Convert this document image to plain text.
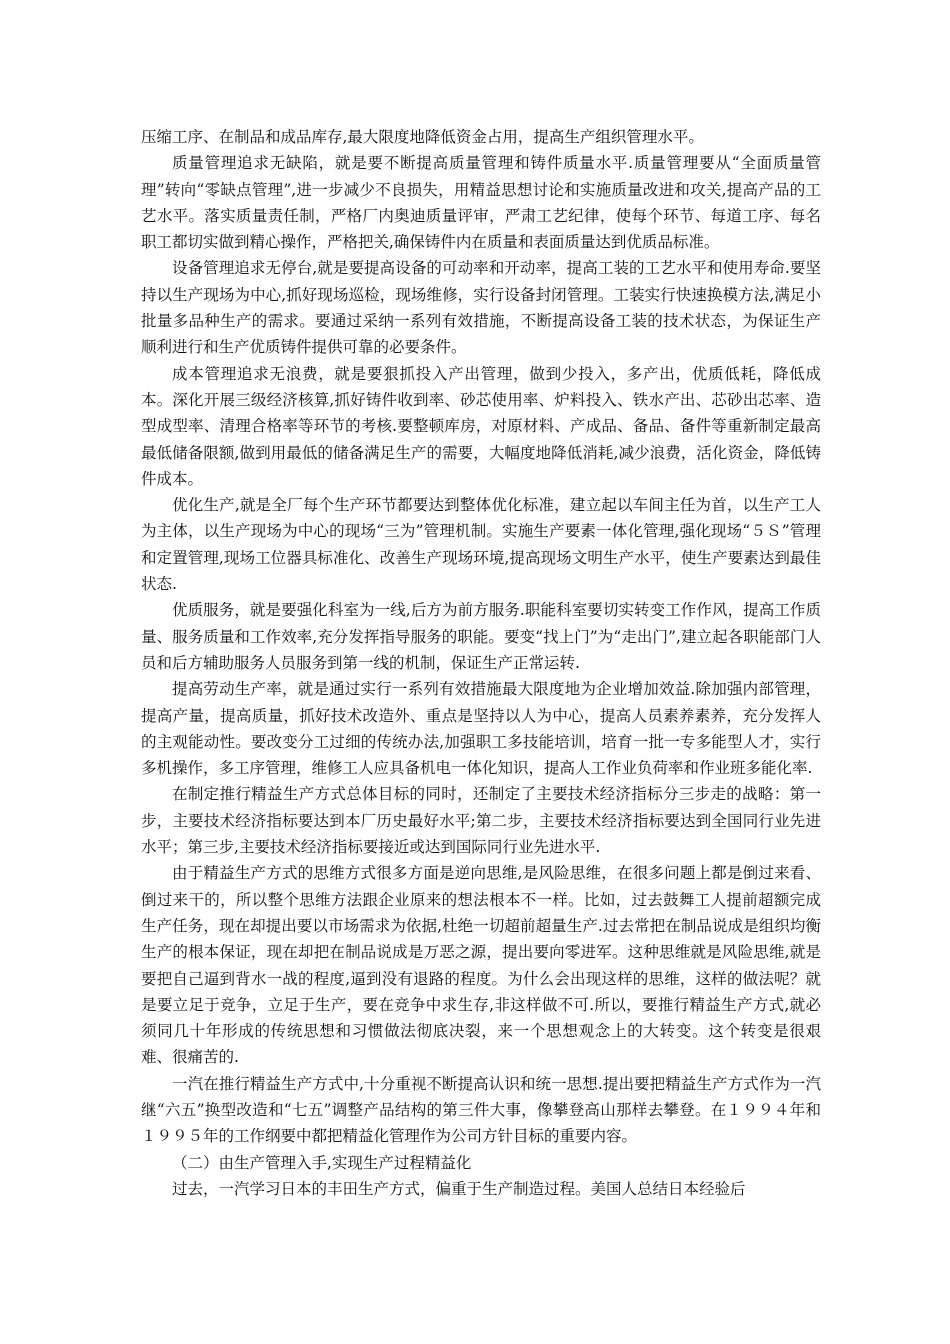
压缩工序、在制品和成品库存,最大限度地降低资金占用，提高生产组织管理水平。

质量管理追求无缺陷，就是要不断提高质量管理和铸件质量水平.质量管理要从“全面质量管理”转向“零缺点管理”,进一步减少不良损失，用精益思想讨论和实施质量改进和攻关,提高产品的工艺水平。落实质量责任制，严格厂内奥迪质量评审，严肃工艺纪律，使每个环节、每道工序、每名职工都切实做到精心操作，严格把关,确保铸件内在质量和表面质量达到优质品标准。

设备管理追求无停台,就是要提高设备的可动率和开动率，提高工装的工艺水平和使用寿命.要坚持以生产现场为中心,抓好现场巡检，现场维修，实行设备封闭管理。工装实行快速换模方法,满足小批量多品种生产的需求。要通过采纳一系列有效措施，不断提高设备工装的技术状态，为保证生产顺利进行和生产优质铸件提供可靠的必要条件。

成本管理追求无浪费，就是要狠抓投入产出管理，做到少投入，多产出，优质低耗，降低成本。深化开展三级经济核算,抓好铸件收到率、砂芯使用率、炉料投入、铁水产出、芯砂出芯率、造型成型率、清理合格率等环节的考核.要整顿库房，对原材料、产成品、备品、备件等重新制定最高最低储备限额,做到用最低的储备满足生产的需要，大幅度地降低消耗,减少浪费，活化资金，降低铸件成本。

优化生产,就是全厂每个生产环节都要达到整体优化标准，建立起以车间主任为首，以生产工人为主体，以生产现场为中心的现场“三为”管理机制。实施生产要素一体化管理,强化现场“５Ｓ”管理和定置管理,现场工位器具标准化、改善生产现场环境,提高现场文明生产水平，使生产要素达到最佳状态.

优质服务，就是要强化科室为一线,后方为前方服务.职能科室要切实转变工作作风，提高工作质量、服务质量和工作效率,充分发挥指导服务的职能。要变“找上门”为“走出门”,建立起各职能部门人员和后方辅助服务人员服务到第一线的机制，保证生产正常运转.

提高劳动生产率，就是通过实行一系列有效措施最大限度地为企业增加效益.除加强内部管理，提高产量，提高质量，抓好技术改造外、重点是坚持以人为中心，提高人员素养素养，充分发挥人的主观能动性。要改变分工过细的传统办法,加强职工多技能培训，培育一批一专多能型人才，实行多机操作，多工序管理，维修工人应具备机电一体化知识，提高人工作业负荷率和作业班多能化率.

在制定推行精益生产方式总体目标的同时，还制定了主要技术经济指标分三步走的战略：第一步，主要技术经济指标要达到本厂历史最好水平;第二步，主要技术经济指标要达到全国同行业先进水平；第三步,主要技术经济指标要接近或达到国际同行业先进水平.

由于精益生产方式的思维方式很多方面是逆向思维,是风险思维，在很多问题上都是倒过来看、倒过来干的，所以整个思维方法跟企业原来的想法根本不一样。比如，过去鼓舞工人提前超额完成生产任务，现在却提出要以市场需求为依据,杜绝一切超前超量生产.过去常把在制品说成是组织均衡生产的根本保证，现在却把在制品说成是万恶之源，提出要向零进军。这种思维就是风险思维,就是要把自己逼到背水一战的程度,逼到没有退路的程度。为什么会出现这样的思维，这样的做法呢？就是要立足于竞争，立足于生产，要在竞争中求生存,非这样做不可.所以，要推行精益生产方式,就必须同几十年形成的传统思想和习惯做法彻底决裂，来一个思想观念上的大转变。这个转变是很艰难、很痛苦的.

一汽在推行精益生产方式中,十分重视不断提高认识和统一思想.提出要把精益生产方式作为一汽继“六五”换型改造和“七五”调整产品结构的第三件大事，像攀登高山那样去攀登。在１９９４年和１９９５年的工作纲要中都把精益化管理作为公司方针目标的重要内容。

（二）由生产管理入手,实现生产过程精益化

过去，一汽学习日本的丰田生产方式，偏重于生产制造过程。美国人总结日本经验后
